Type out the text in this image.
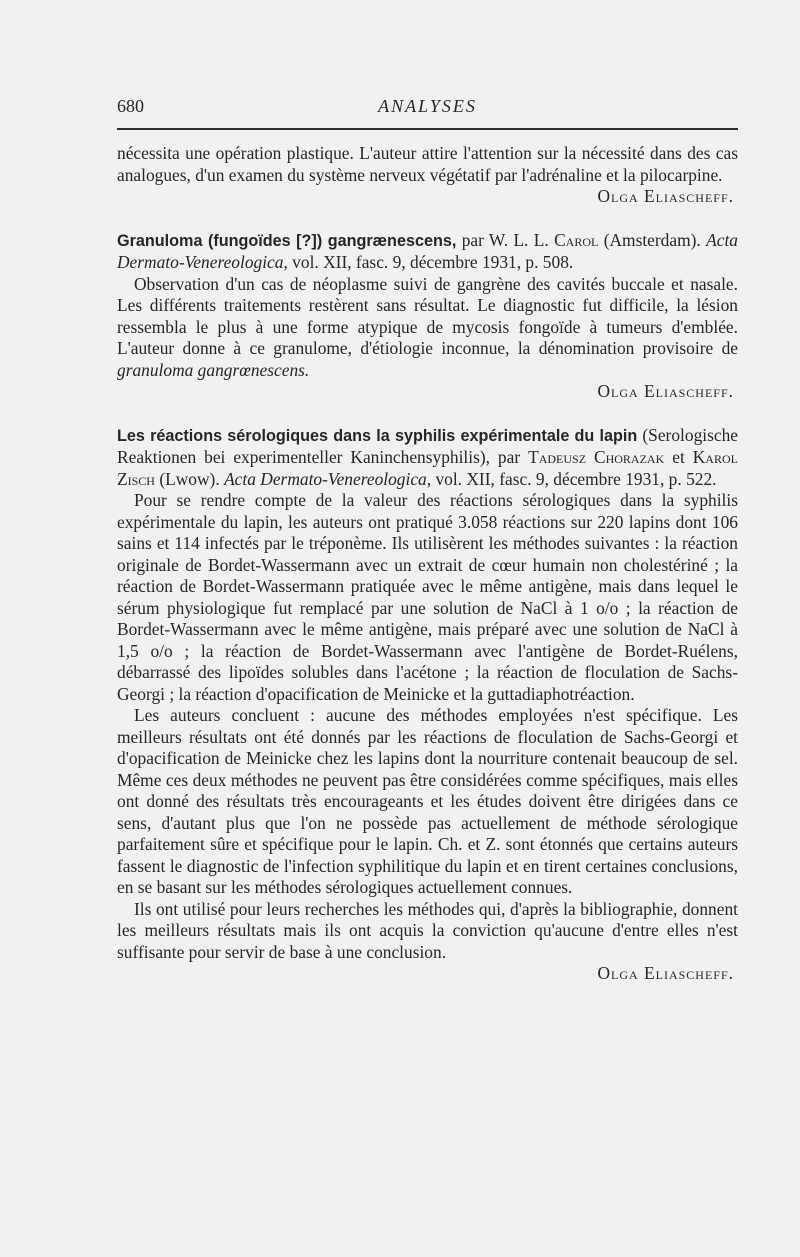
680	ANALYSES

nécessita une opération plastique. L'auteur attire l'attention sur la nécessité dans des cas analogues, d'un examen du système nerveux végétatif par l'adrénaline et la pilocarpine.

Olga Eliascheff.

Granuloma (fungoïdes [?]) gangrænescens, par W. L. L. Carol (Amsterdam). Acta Dermato-Venereologica, vol. XII, fasc. 9, décembre 1931, p. 508.

Observation d'un cas de néoplasme suivi de gangrène des cavités buccale et nasale. Les différents traitements restèrent sans résultat. Le diagnostic fut difficile, la lésion ressembla le plus à une forme atypique de mycosis fongoïde à tumeurs d'emblée. L'auteur donne à ce granulome, d'étiologie inconnue, la dénomination provisoire de granuloma gangrœnescens.

Olga Eliascheff.

Les réactions sérologiques dans la syphilis expérimentale du lapin (Serologische Reaktionen bei experimenteller Kaninchensyphilis), par Tadeusz Chorazak et Karol Zisch (Lwow). Acta Dermato-Venereologica, vol. XII, fasc. 9, décembre 1931, p. 522.

Pour se rendre compte de la valeur des réactions sérologiques dans la syphilis expérimentale du lapin, les auteurs ont pratiqué 3.058 réactions sur 220 lapins dont 106 sains et 114 infectés par le tréponème. Ils utilisèrent les méthodes suivantes : la réaction originale de Bordet-Wassermann avec un extrait de cœur humain non cholestériné ; la réaction de Bordet-Wassermann pratiquée avec le même antigène, mais dans lequel le sérum physiologique fut remplacé par une solution de NaCl à 1 o/o ; la réaction de Bordet-Wassermann avec le même antigène, mais préparé avec une solution de NaCl à 1,5 o/o ; la réaction de Bordet-Wassermann avec l'antigène de Bordet-Ruélens, débarrassé des lipoïdes solubles dans l'acétone ; la réaction de floculation de Sachs-Georgi ; la réaction d'opacification de Meinicke et la guttadiaphotréaction.

Les auteurs concluent : aucune des méthodes employées n'est spécifique. Les meilleurs résultats ont été donnés par les réactions de floculation de Sachs-Georgi et d'opacification de Meinicke chez les lapins dont la nourriture contenait beaucoup de sel. Même ces deux méthodes ne peuvent pas être considérées comme spécifiques, mais elles ont donné des résultats très encourageants et les études doivent être dirigées dans ce sens, d'autant plus que l'on ne possède pas actuellement de méthode sérologique parfaitement sûre et spécifique pour le lapin. Ch. et Z. sont étonnés que certains auteurs fassent le diagnostic de l'infection syphilitique du lapin et en tirent certaines conclusions, en se basant sur les méthodes sérologiques actuellement connues.

Ils ont utilisé pour leurs recherches les méthodes qui, d'après la bibliographie, donnent les meilleurs résultats mais ils ont acquis la conviction qu'aucune d'entre elles n'est suffisante pour servir de base à une conclusion.

Olga Eliascheff.
